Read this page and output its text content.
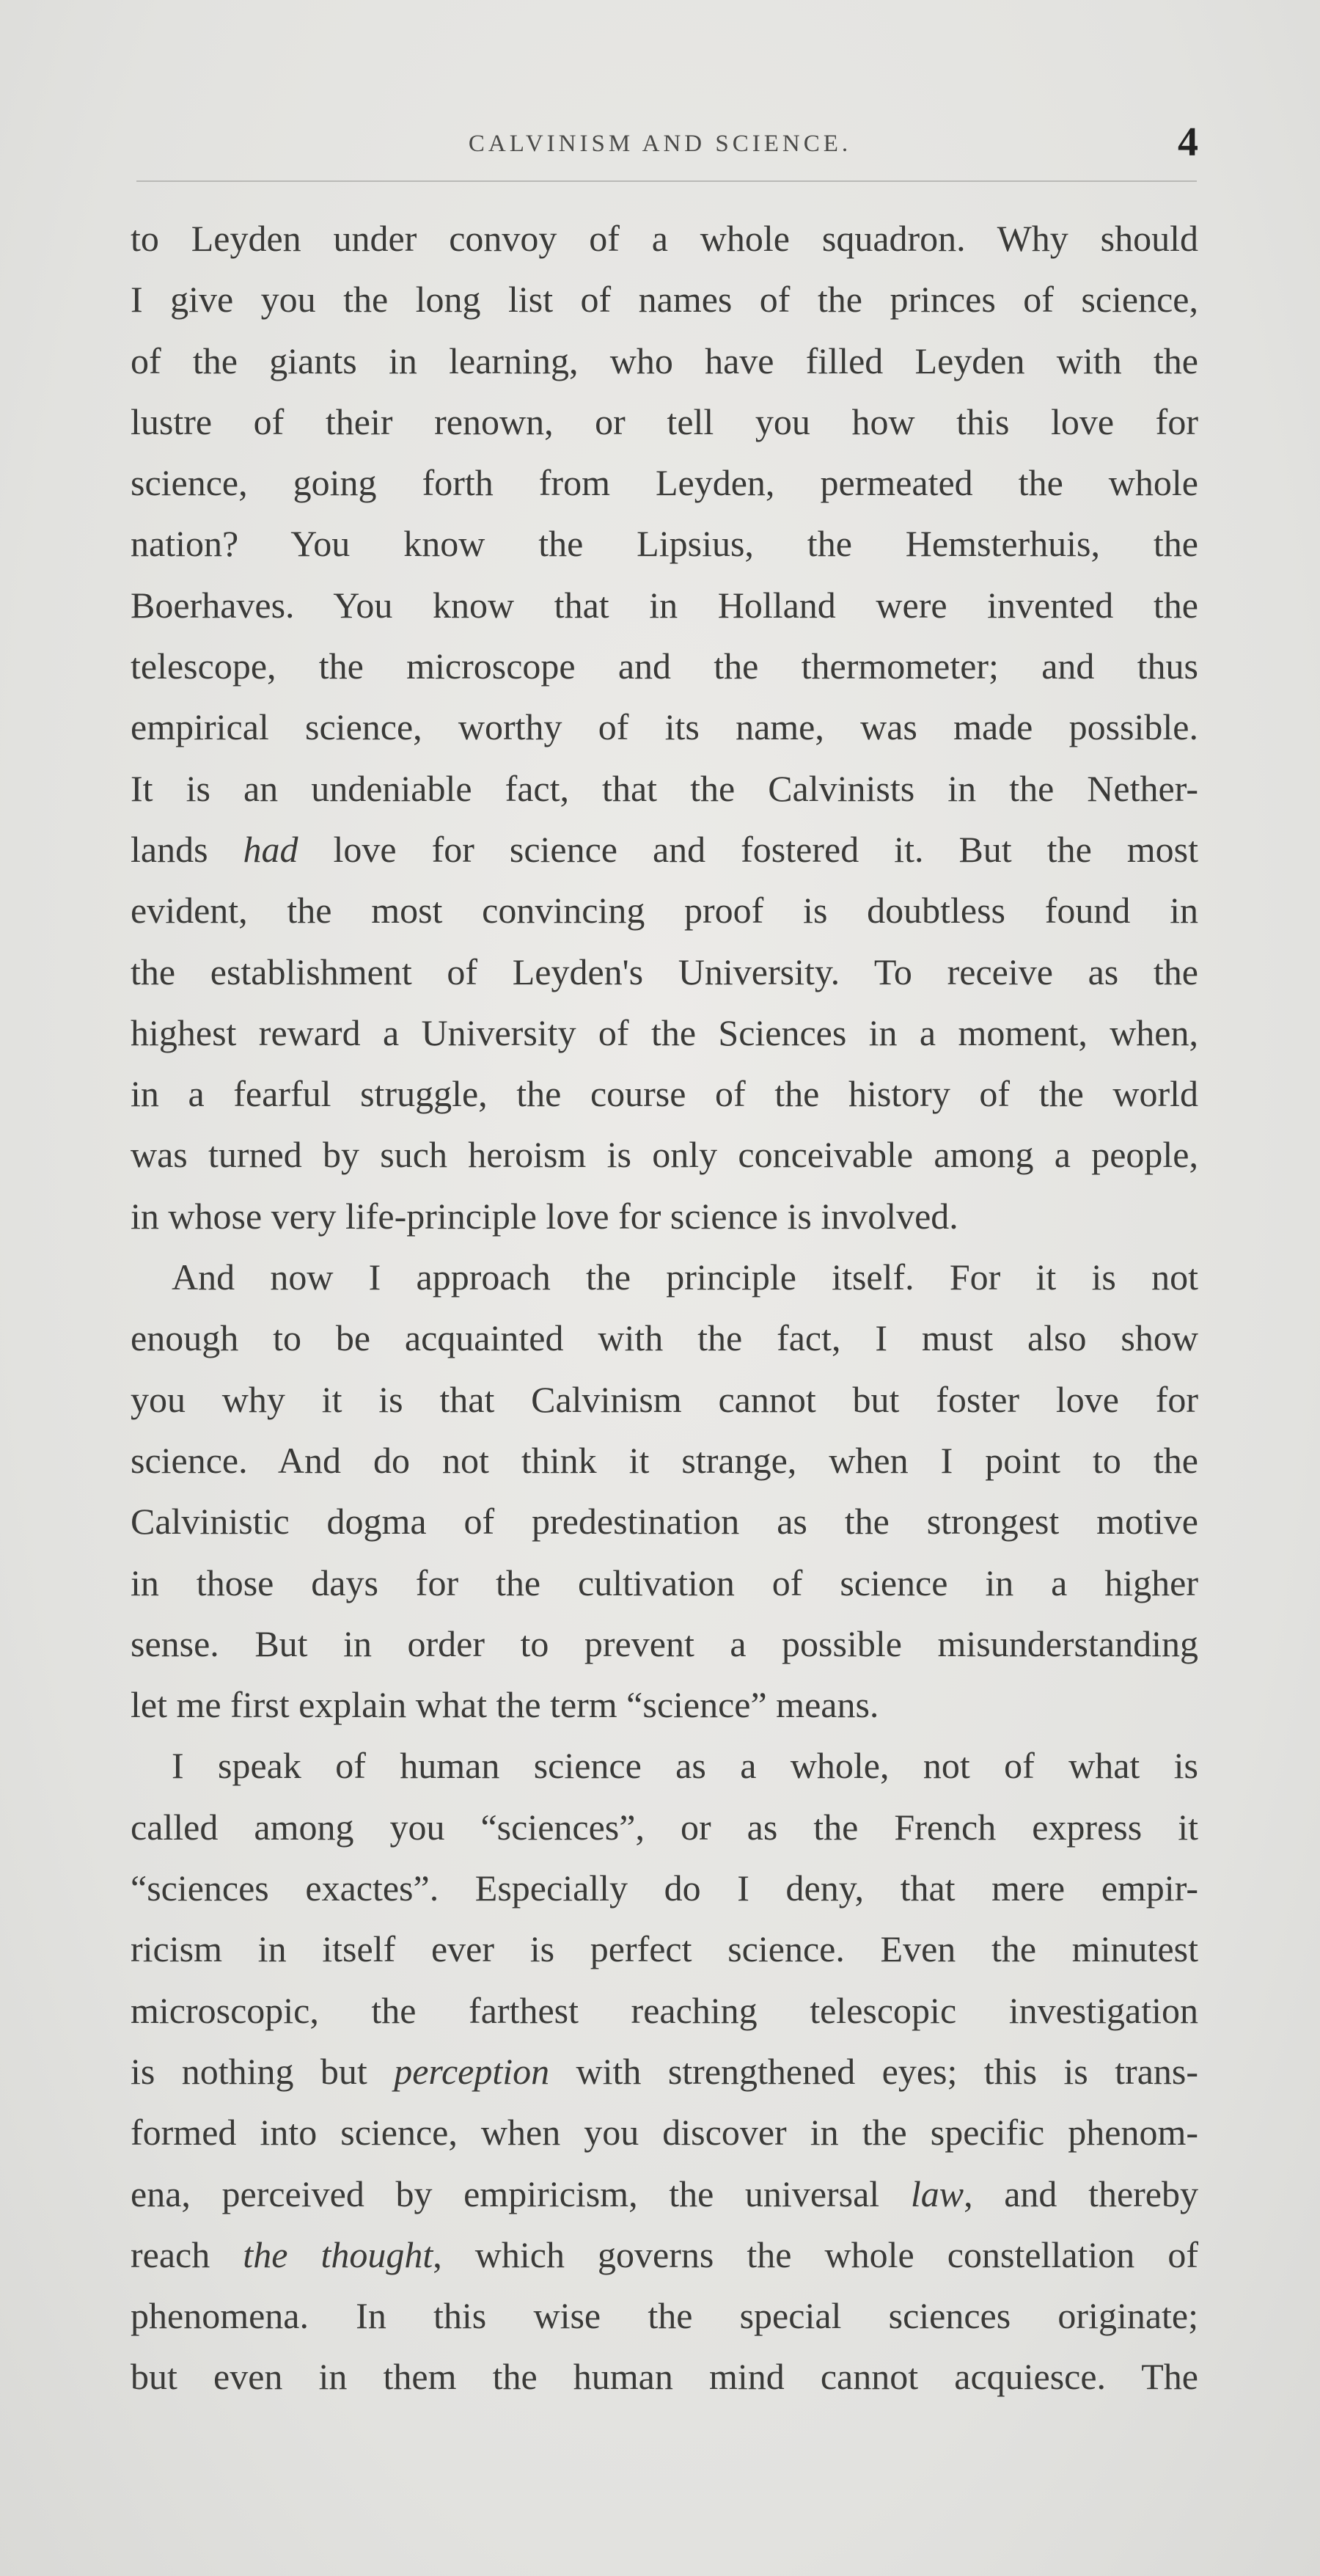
CALVINISM AND SCIENCE.	4
to Leyden under convoy of a whole squadron. Why should
I give you the long list of names of the princes of science,
of the giants in learning, who have filled Leyden with the
lustre of their renown, or tell you how this love for
science, going forth from Leyden, permeated the whole
nation? You know the Lipsius, the Hemsterhuis, the
Boerhaves. You know that in Holland were invented the
telescope, the microscope and the thermometer; and thus
empirical science, worthy of its name, was made possible.
It is an undeniable fact, that the Calvinists in the Nether-
lands had love for science and fostered it. But the most
evident, the most convincing proof is doubtless found in
the establishment of Leyden's University. To receive as the
highest reward a University of the Sciences in a moment, when,
in a fearful struggle, the course of the history of the world
was turned by such heroism is only conceivable among a people,
in whose very life-principle love for science is involved.
And now I approach the principle itself. For it is not
enough to be acquainted with the fact, I must also show
you why it is that Calvinism cannot but foster love for
science. And do not think it strange, when I point to the
Calvinistic dogma of predestination as the strongest motive
in those days for the cultivation of science in a higher
sense. But in order to prevent a possible misunderstanding
let me first explain what the term “science” means.
I speak of human science as a whole, not of what is
called among you “sciences”, or as the French express it
“sciences exactes”. Especially do I deny, that mere empir-
ricism in itself ever is perfect science. Even the minutest
microscopic, the farthest reaching telescopic investigation
is nothing but perception with strengthened eyes; this is trans-
formed into science, when you discover in the specific phenom-
ena, perceived by empiricism, the universal law, and thereby
reach the thought, which governs the whole constellation of
phenomena. In this wise the special sciences originate;
but even in them the human mind cannot acquiesce. The
